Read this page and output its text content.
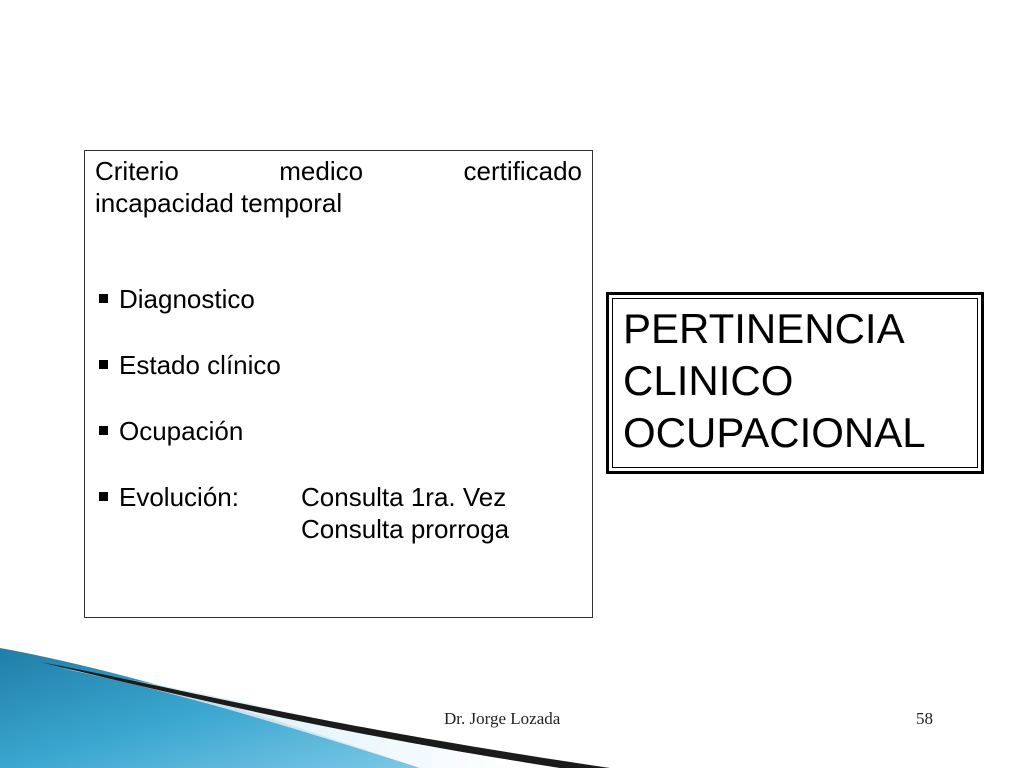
Criterio	medico	certificado
incapacidad temporal
Diagnostico
Estado clínico
Ocupación
Evolución: Consulta 1ra. Vez
Consulta prorroga
PERTINENCIA
CLINICO
OCUPACIONAL
Dr. Jorge Lozada	58
